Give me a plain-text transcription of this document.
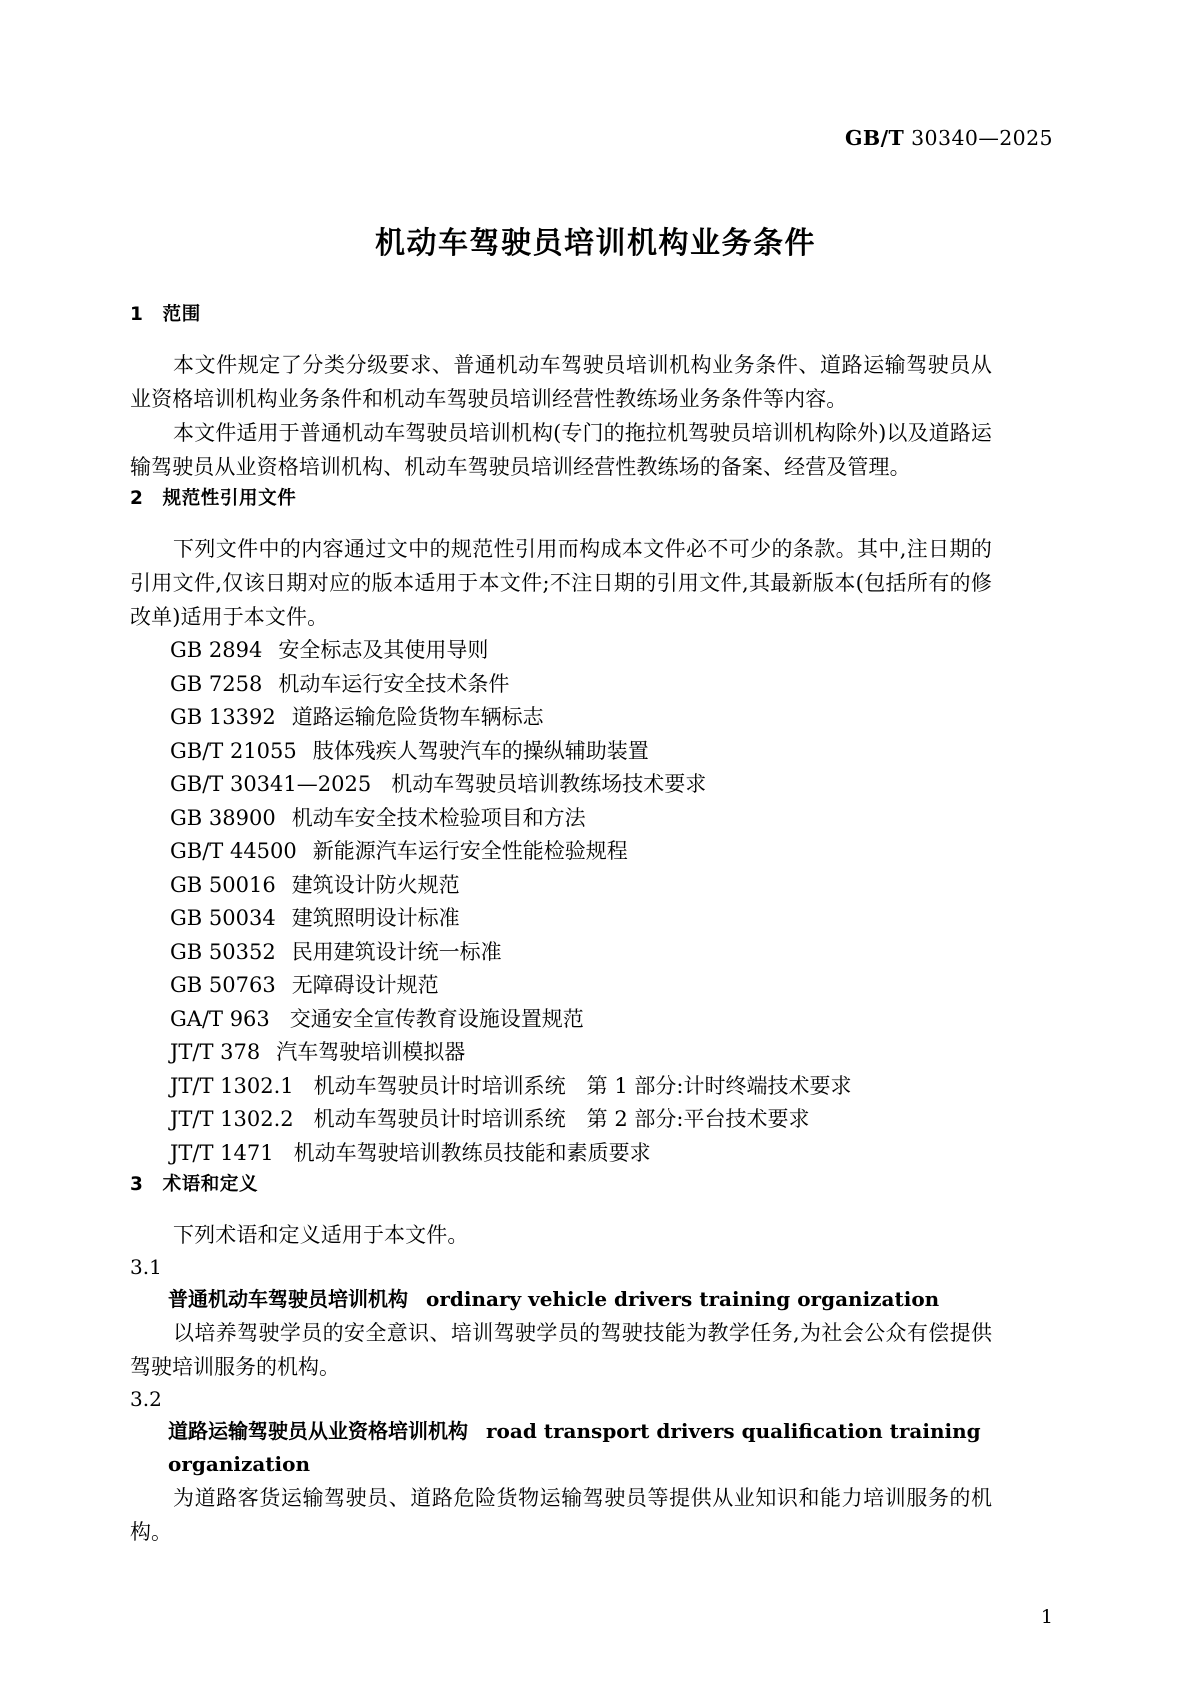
GB/T 30340—2025
机动车驾驶员培训机构业务条件
1　 范围

本文件规定了分类分级要求、普通机动车驾驶员培训机构业务条件、道路运输驾驶员从业资格培训机构业务条件和机动车驾驶员培训经营性教练场业务条件等内容。

本文件适用于普通机动车驾驶员培训机构(专门的拖拉机驾驶员培训机构除外)以及道路运输驾驶员从业资格培训机构、机动车驾驶员培训经营性教练场的备案、经营及管理。

2　 规范性引用文件

下列文件中的内容通过文中的规范性引用而构成本文件必不可少的条款。其中,注日期的引用文件,仅该日期对应的版本适用于本文件;不注日期的引用文件,其最新版本(包括所有的修改单)适用于本文件。

GB 2894 安全标志及其使用导则
GB 7258 机动车运行安全技术条件
GB 13392 道路运输危险货物车辆标志
GB/T 21055 肢体残疾人驾驶汽车的操纵辅助装置
GB/T 30341—2025 机动车驾驶员培训教练场技术要求
GB 38900 机动车安全技术检验项目和方法
GB/T 44500 新能源汽车运行安全性能检验规程
GB 50016 建筑设计防火规范
GB 50034 建筑照明设计标准
GB 50352 民用建筑设计统一标准
GB 50763 无障碍设计规范
GA/T 963 交通安全宣传教育设施设置规范
JT/T 378 汽车驾驶培训模拟器
JT/T 1302.1 机动车驾驶员计时培训系统　第 1 部分:计时终端技术要求
JT/T 1302.2 机动车驾驶员计时培训系统　第 2 部分:平台技术要求
JT/T 1471 机动车驾驶培训教练员技能和素质要求
3　 术语和定义

下列术语和定义适用于本文件。

3.1

普通机动车驾驶员培训机构 ordinary vehicle drivers training organization

以培养驾驶学员的安全意识、培训驾驶学员的驾驶技能为教学任务,为社会公众有偿提供驾驶培训服务的机构。

3.2

道路运输驾驶员从业资格培训机构 road transport drivers qualification training organization

为道路客货运输驾驶员、道路危险货物运输驾驶员等提供从业知识和能力培训服务的机构。

1
